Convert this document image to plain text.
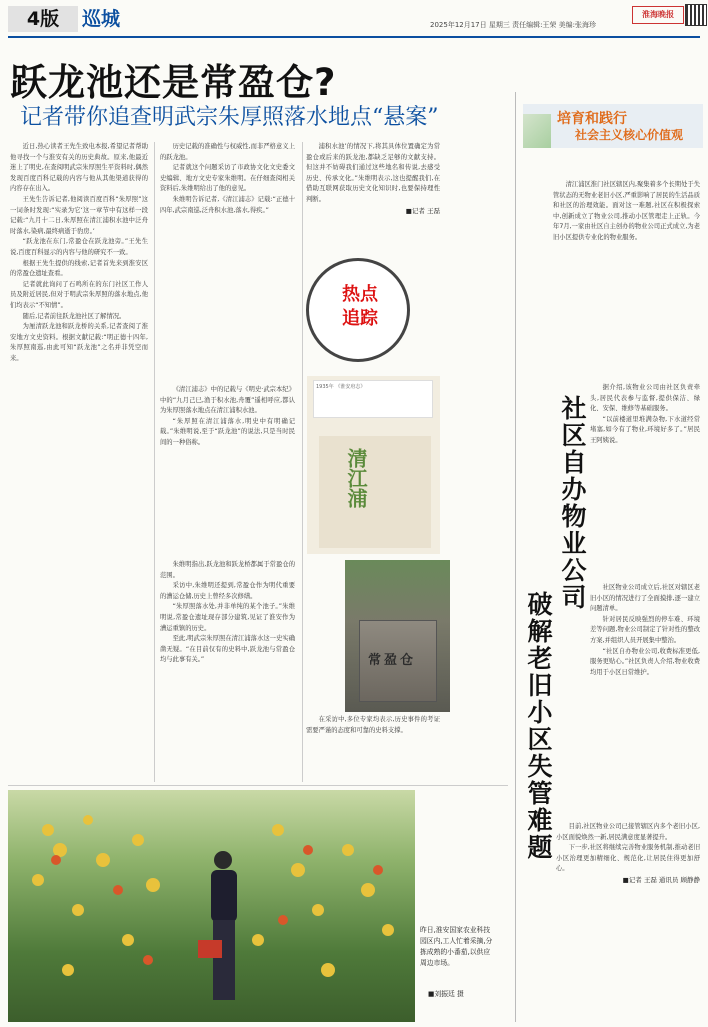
4版	巡城	2025年12月17日 星期三 责任编辑:王荣 美编:张海珍
淮海晚报
跃龙池还是常盈仓?
记者带你追查明武宗朱厚照落水地点“悬案”

近日,热心读者王先生致电本报,希望记者帮助他寻找一个与淮安有关的历史典故。原来,他最近迷上了明史,在查阅明武宗朱厚照生平资料时,偶然发现百度百科记载的内容与他从其他渠道获得的内容存在出入。

王先生告诉记者,他阅读百度百科“朱厚照”这一词条时发现:“实录为它‘这一章节中有这样一段记载:“九月十二日,朱厚照在清江浦积水池中泛舟时落水,染病,最终病逝于豹房。’

“跃龙池在东门,常盈仓在跃龙池旁。”王先生说,百度百科显示的内容与他的研究不一致。

根据王先生提供的线索,记者首先来到淮安区的常盈仓遗址查看。

记者就此询问了石鸣所在的东门社区工作人员及附近居民,但对于明武宗朱厚照的落水地点,他们均表示“不知情”。

随后,记者前往跃龙池社区了解情况。

为厘清跃龙池和跃龙桥的关系,记者查阅了淮安地方文史资料。根据文献记载:“明正德十四年,朱厚照南巡,由此可知“跃龙池”之名并非凭空而来。

历史记载的准确性与权威性,而非严格意义上的跃龙池。

记者就这个问题采访了市政协文化文史委文史编辑、地方文史专家朱维明。在仔细查阅相关资料后,朱维明给出了他的意见。

朱维明告诉记者,《清江浦志》记载:“正德十四年,武宗南巡,泛舟积水池,落水,得疾。”

《清江浦志》中的记载与《明史·武宗本纪》中的“九月己巳,渔于积水池,舟覆”遥相呼应,都认为朱厚照落水地点在清江浦积水池。

“朱厚照在清江浦落水,明史中有明确记载。”朱维明说,至于“跃龙池”的说法,只是当时民间的一种俗称。

朱维明指出,跃龙池和跃龙桥都属于常盈仓的范围。

采访中,朱维明还提到,常盈仓作为明代重要的漕运仓储,历史上曾经多次修缮。

“朱厚照落水处,并非单纯的某个池子。”朱维明说,常盈仓遗址现存部分建筑,见证了淮安作为漕运重镇的历史。

至此,明武宗朱厚照在清江浦落水这一史实确凿无疑。“在目前仅有的史料中,跃龙池与常盈仓均与此事有关。”

浦积水池’的情况下,将其具体位置确定为常盈仓或后来的跃龙池,都缺乏足够的文献支持。但这并不妨碍我们通过这些地名和传说,去感受历史、传承文化。”朱维明表示,这也提醒我们,在借助互联网获取历史文化知识时,也要保持理性判断。

■记者 王磊

热点
追踪
1935年 《淮安府志》
清江浦

在采访中,多位专家均表示,历史事件的考证需要严谨的态度和可靠的史料支撑。

常盈仓
昨日,淮安国家农业科技园区内,工人忙着采摘,分拣成熟的小番茄,以供应周边市场。
■刘振廷 摄
培育和践行
社会主义核心价值观

清江浦区淮门社区辖区内,聚集着多个长期处于失管状态的无物业老旧小区,严重影响了居民的生活品质和社区的治理效能。面对这一难题,社区在积极探索中,创新成立了物业公司,推动小区管理走上正轨。今年7月,一家由社区自主创办的物业公司正式成立,为老旧小区提供专业化的物业服务。

社区自办物业公司
破解老旧小区失管难题

据介绍,该物业公司由社区负责牵头,居民代表参与监督,提供保洁、绿化、安保、维修等基础服务。

“以前楼道里堆满杂物,下水道经常堵塞,如今有了物业,环境好多了。”居民王阿姨说。

社区物业公司成立后,社区对辖区老旧小区的情况进行了全面摸排,逐一建立问题清单。

针对居民反映强烈的停车难、环境差等问题,物业公司制定了针对性的整改方案,并组织人员开展集中整治。

“社区自办物业公司,收费标准更低,服务更贴心。”社区负责人介绍,物业收费均用于小区日常维护。

目前,社区物业公司已接管辖区内多个老旧小区,小区面貌焕然一新,居民满意度显著提升。

下一步,社区将继续完善物业服务机制,推动老旧小区治理更加精细化、规范化,让居民住得更加舒心。

■记者 王磊 通讯员 顾静静
